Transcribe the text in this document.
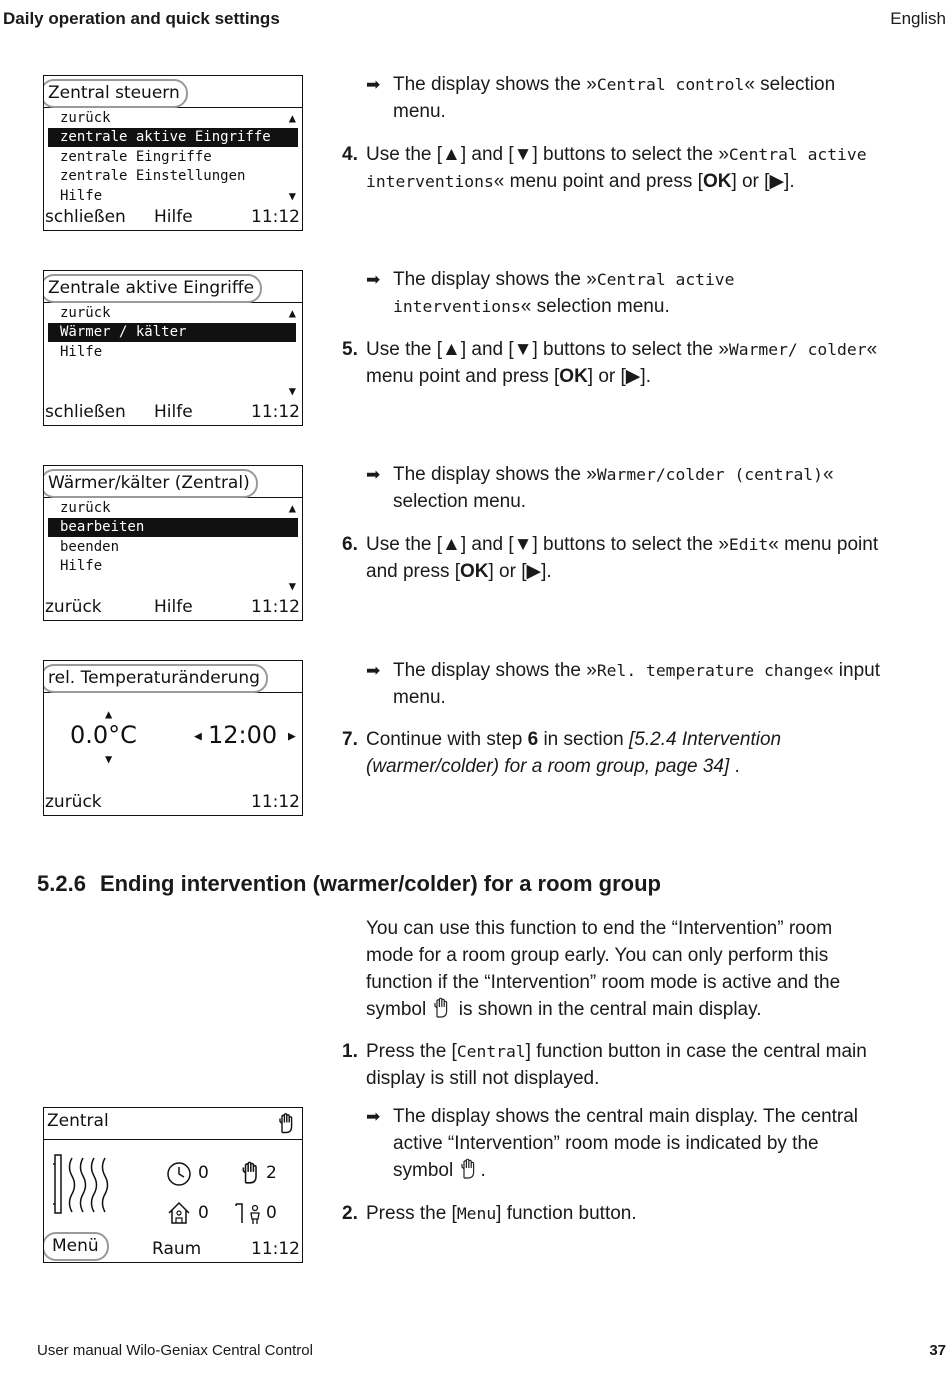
Daily operation and quick settings	English
Zentral steuern
zurück	▲
zentrale aktive Eingriffe
zentrale Eingriffe
zentrale Einstellungen
Hilfe	▼
schließen Hilfe	11:12
➡ The display shows the »Central control« selection menu.
4. Use the [▲] and [▼] buttons to select the »Central active interventions« menu point and press [OK] or [▶].
Zentrale aktive Eingriffe
zurück	▲
Wärmer / kälter
Hilfe
▼
schließen Hilfe	11:12
➡ The display shows the »Central active interventions« selection menu.
5. Use the [▲] and [▼] buttons to select the »Warmer/ colder« menu point and press [OK] or [▶].
Wärmer/kälter (Zentral)
zurück	▲
bearbeiten
beenden
Hilfe
▼
zurück	Hilfe	11:12
➡ The display shows the »Warmer/colder (central)« selection menu.
6. Use the [▲] and [▼] buttons to select the »Edit« menu point and press [OK] or [▶].
rel. Temperaturänderung
▲
0.0°C
▼
◀ 12:00 ▶
zurück	11:12
➡ The display shows the »Rel. temperature change« input menu.
7. Continue with step 6 in section [5.2.4 Intervention (warmer/colder) for a room group, page 34] .
5.2.6 Ending intervention (warmer/colder) for a room group
You can use this function to end the “Intervention” room mode for a room group early. You can only perform this function if the “Intervention” room mode is active and the symbol is shown in the central main display.
1. Press the [Central] function button in case the central main display is still not displayed.
➡ The display shows the central main display. The central active “Intervention” room mode is indicated by the symbol .
2. Press the [Menu] function button.
Zentral
0	2
0	0
Menü	Raum	11:12
User manual Wilo-Geniax Central Control	37
